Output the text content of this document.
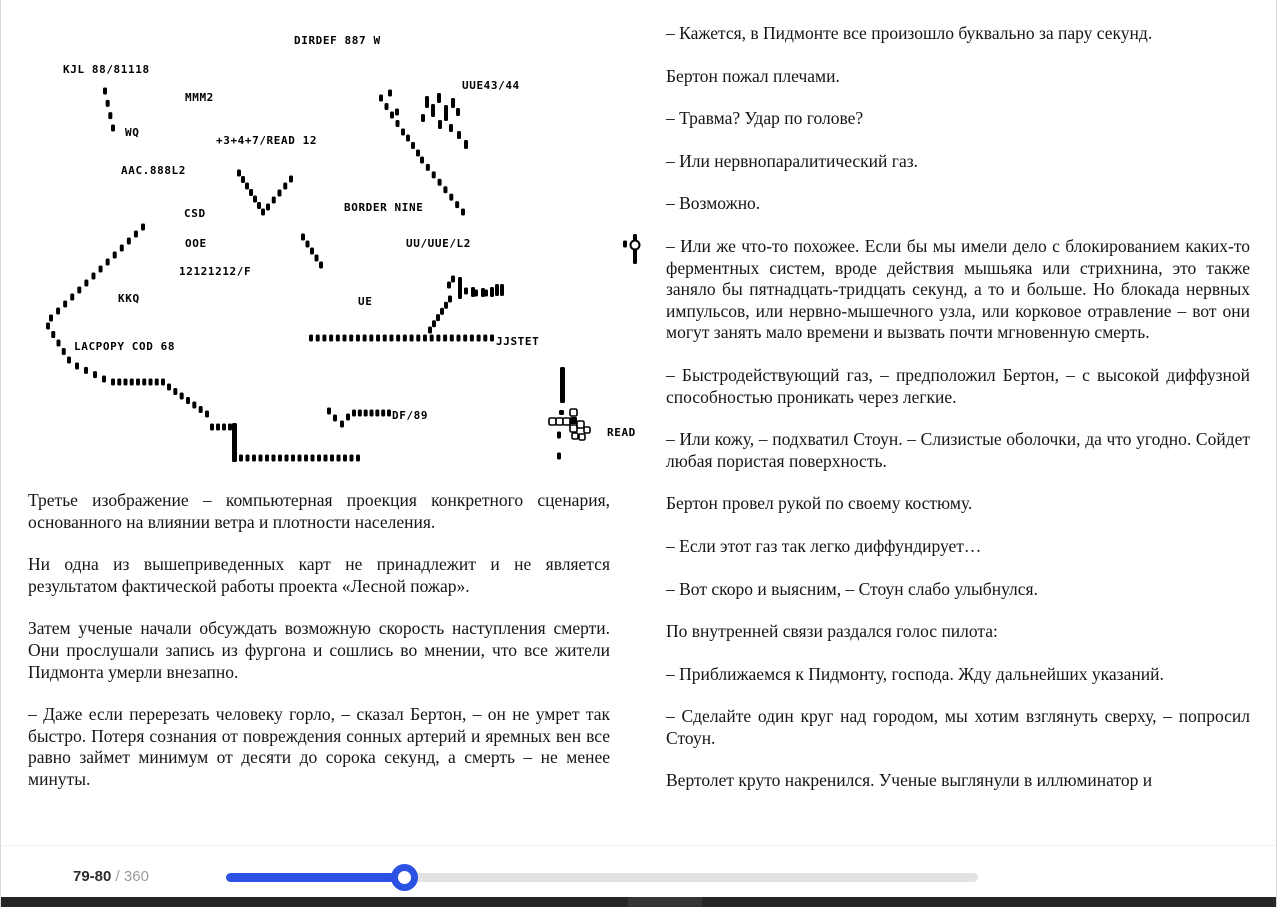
DIRDEF 887 W
KJL 88/81118
UUE43/44
MMM2
WQ
+3+4+7/READ 12
AAC.888L2
CSD	BORDER NINE
OOE	UU/UUE/L2
12121212/F
KKQ	UE
LACPOPY COD 68	JJSTET
DF/89
READ

Третье изображение – компьютерная проекция конкретного сценария, основанного на влиянии ветра и плотности населения.

Ни одна из вышеприведенных карт не принадлежит и не является результатом фактической работы проекта «Лесной пожар».

Затем ученые начали обсуждать возможную скорость наступления смерти. Они прослушали запись из фургона и сошлись во мнении, что все жители Пидмонта умерли внезапно.

– Даже если перерезать человеку горло, – сказал Бертон, – он не умрет так быстро. Потеря сознания от повреждения сонных артерий и яремных вен все равно займет минимум от десяти до сорока секунд, а смерть – не менее минуты.

– Кажется, в Пидмонте все произошло буквально за пару секунд.

Бертон пожал плечами.

– Травма? Удар по голове?

– Или нервнопаралитический газ.

– Возможно.

– Или же что-то похожее. Если бы мы имели дело с блокированием каких-то ферментных систем, вроде действия мышьяка или стрихнина, это также заняло бы пятнадцать-тридцать секунд, а то и больше. Но блокада нервных импульсов, или нервно-мышечного узла, или корковое отравление – вот они могут занять мало времени и вызвать почти мгновенную смерть.

– Быстродействующий газ, – предположил Бертон, – с высокой диффузной способностью проникать через легкие.

– Или кожу, – подхватил Стоун. – Слизистые оболочки, да что угодно. Сойдет любая пористая поверхность.

Бертон провел рукой по своему костюму.

– Если этот газ так легко диффундирует…

– Вот скоро и выясним, – Стоун слабо улыбнулся.

По внутренней связи раздался голос пилота:

– Приближаемся к Пидмонту, господа. Жду дальнейших указаний.

– Сделайте один круг над городом, мы хотим взглянуть сверху, – попросил Стоун.

Вертолет круто накренился. Ученые выглянули в иллюминатор и

79-80 / 360
